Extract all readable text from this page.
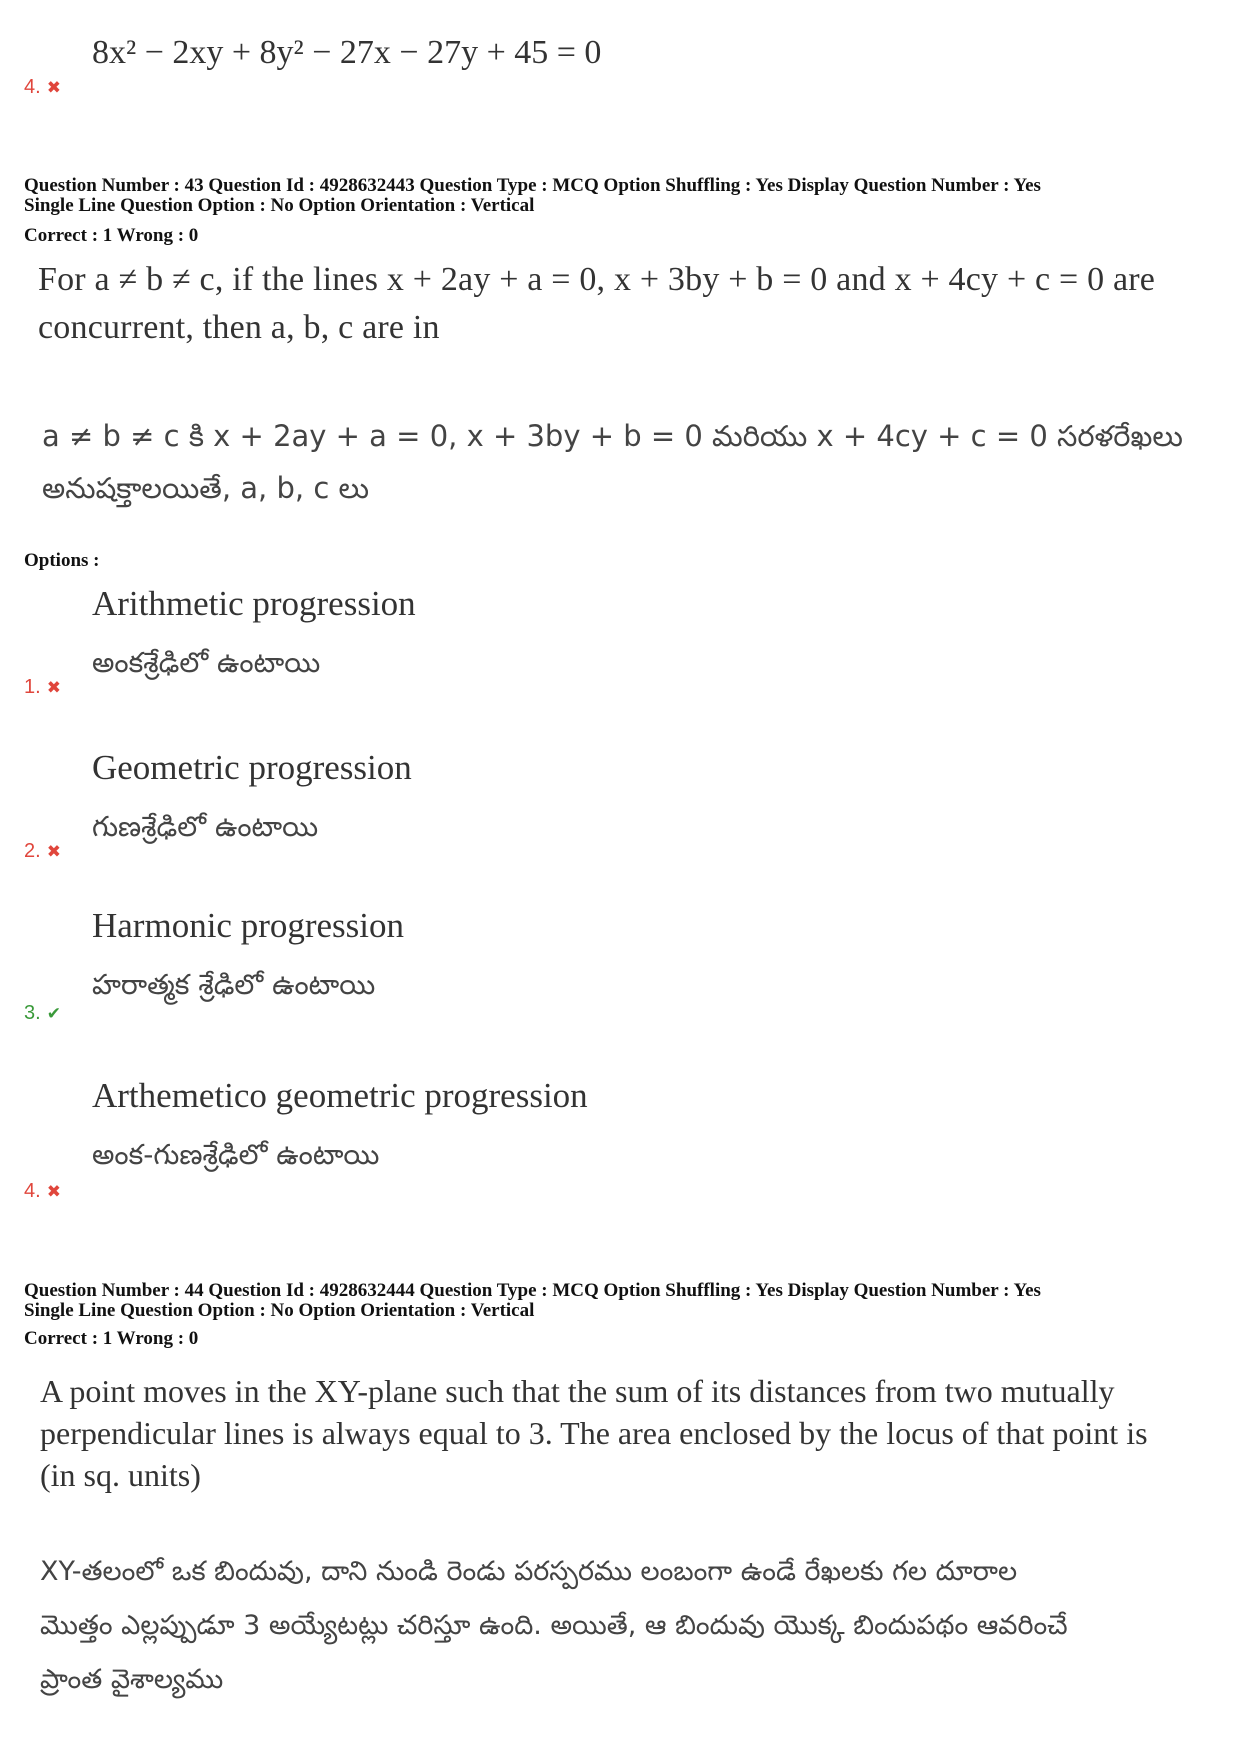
8x² − 2xy + 8y² − 27x − 27y + 45 = 0
4. ✖
Question Number : 43 Question Id : 4928632443 Question Type : MCQ Option Shuffling : Yes Display Question Number : Yes
Single Line Question Option : No Option Orientation : Vertical
Correct : 1 Wrong : 0
For a ≠ b ≠ c, if the lines x + 2ay + a = 0, x + 3by + b = 0 and x + 4cy + c = 0 are
concurrent, then a, b, c are in
a ≠ b ≠ c కి x + 2ay + a = 0, x + 3by + b = 0 మరియు x + 4cy + c = 0 సరళరేఖలు
అనుషక్తాలయితే, a, b, c లు
Options :
Arithmetic progression
అంకశ్రేఢిలో ఉంటాయి
1. ✖
Geometric progression
గుణశ్రేఢిలో ఉంటాయి
2. ✖
Harmonic progression
హరాత్మక శ్రేఢిలో ఉంటాయి
3. ✔
Arthemetico geometric progression
అంక-గుణశ్రేఢిలో ఉంటాయి
4. ✖
Question Number : 44 Question Id : 4928632444 Question Type : MCQ Option Shuffling : Yes Display Question Number : Yes
Single Line Question Option : No Option Orientation : Vertical
Correct : 1 Wrong : 0
A point moves in the XY-plane such that the sum of its distances from two mutually
perpendicular lines is always equal to 3. The area enclosed by the locus of that point is
(in sq. units)
XY-తలంలో ఒక బిందువు, దాని నుండి రెండు పరస్పరము లంబంగా ఉండే రేఖలకు గల దూరాల
మొత్తం ఎల్లప్పుడూ 3 అయ్యేటట్లు చరిస్తూ ఉంది. అయితే, ఆ బిందువు యొక్క బిందుపథం ఆవరించే
ప్రాంత వైశాల్యము
